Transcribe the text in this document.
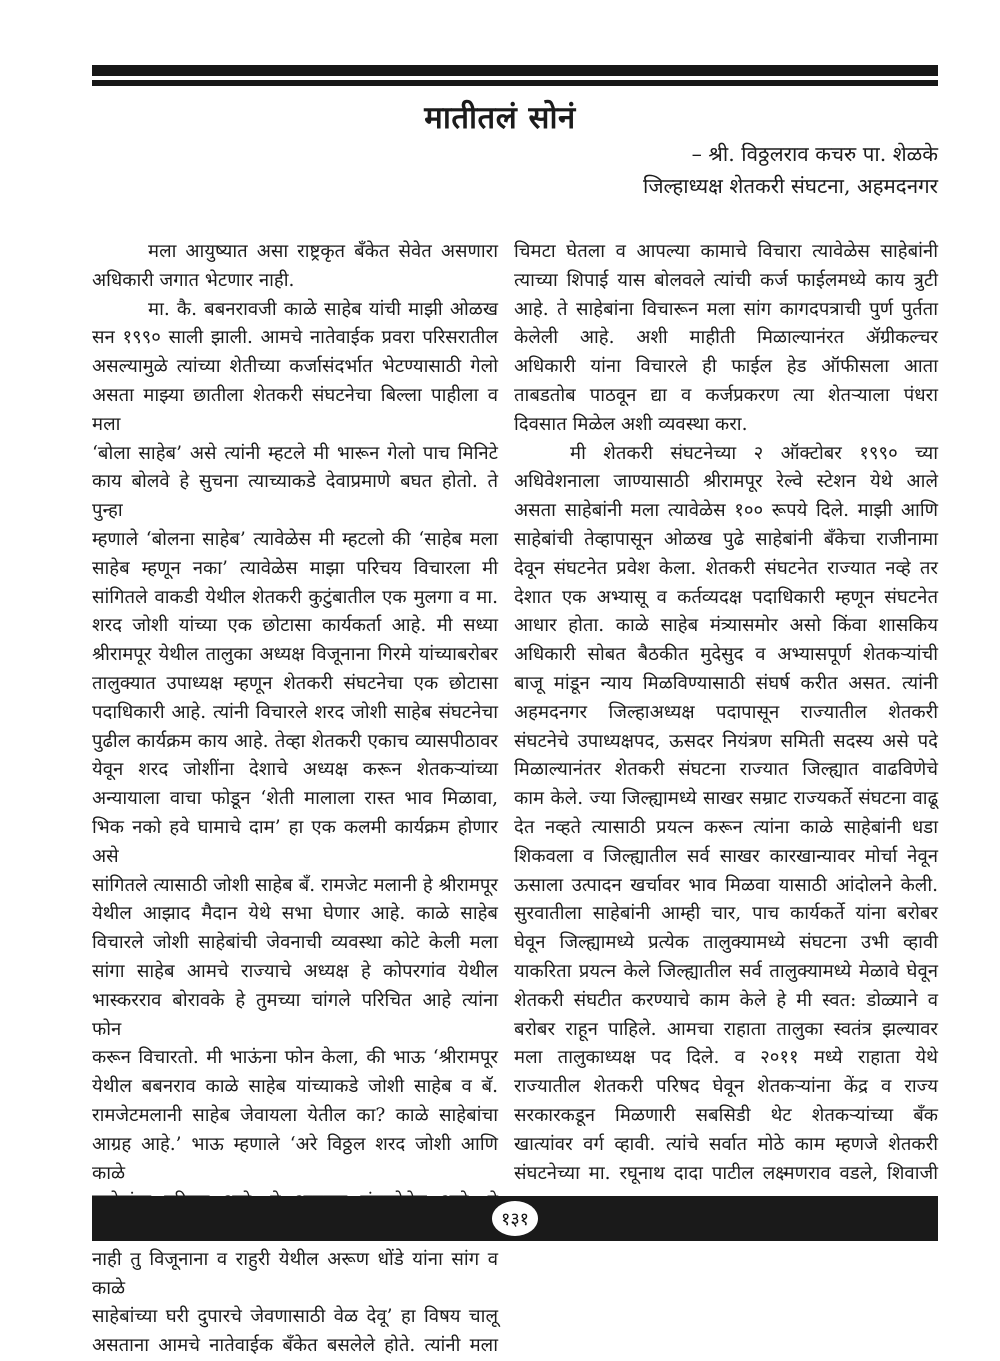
मातीतलं सोनं
– श्री. विठ्ठलराव कचरु पा. शेळके
जिल्हाध्यक्ष शेतकरी संघटना, अहमदनगर
मला आयुष्यात असा राष्ट्रकृत बँकेत सेवेत असणारा
अधिकारी जगात भेटणार नाही.
मा. कै. बबनरावजी काळे साहेब यांची माझी ओळख
सन १९९० साली झाली. आमचे नातेवाईक प्रवरा परिसरातील
असल्यामुळे त्यांच्या शेतीच्या कर्जासंदर्भात भेटण्यासाठी गेलो
असता माझ्या छातीला शेतकरी संघटनेचा बिल्ला पाहीला व मला
‘बोला साहेब’ असे त्यांनी म्हटले मी भारून गेलो पाच मिनिटे
काय बोलवे हे सुचना त्याच्याकडे देवाप्रमाणे बघत होतो. ते पुन्हा
म्हणाले ‘बोलना साहेब’ त्यावेळेस मी म्हटलो की ‘साहेब मला
साहेब म्हणून नका’ त्यावेळेस माझा परिचय विचारला मी
सांगितले वाकडी येथील शेतकरी कुटुंबातील एक मुलगा व मा.
शरद जोशी यांच्या एक छोटासा कार्यकर्ता आहे. मी सध्या
श्रीरामपूर येथील तालुका अध्यक्ष विजूनाना गिरमे यांच्याबरोबर
तालुक्यात उपाध्यक्ष म्हणून शेतकरी संघटनेचा एक छोटासा
पदाधिकारी आहे. त्यांनी विचारले शरद जोशी साहेब संघटनेचा
पुढील कार्यक्रम काय आहे. तेव्हा शेतकरी एकाच व्यासपीठावर
येवून शरद जोशींना देशाचे अध्यक्ष करून शेतकऱ्यांच्या
अन्यायाला वाचा फोडून ‘शेती मालाला रास्त भाव मिळावा,
भिक नको हवे घामाचे दाम’ हा एक कलमी कार्यक्रम होणार असे
सांगितले त्यासाठी जोशी साहेब बँ. रामजेट मलानी हे श्रीरामपूर
येथील आझाद मैदान येथे सभा घेणार आहे. काळे साहेब
विचारले जोशी साहेबांची जेवनाची व्यवस्था कोटे केली मला
सांगा साहेब आमचे राज्याचे अध्यक्ष हे कोपरगांव येथील
भास्करराव बोरावके हे तुमच्या चांगले परिचित आहे त्यांना फोन
करून विचारतो. मी भाऊंना फोन केला, की भाऊ ‘श्रीरामपूर
येथील बबनराव काळे साहेब यांच्याकडे जोशी साहेब व बॅ.
रामजेटमलानी साहेब जेवायला येतील का? काळे साहेबांचा
आग्रह आहे.’ भाऊ म्हणाले ‘अरे विठ्ठल शरद जोशी आणि काळे
नाही तु विजूनाना व राहुरी येथील अरूण धोंडे यांना सांग व काळे
साहेबांच्या घरी दुपारचे जेवणासाठी वेळ देवू’ हा विषय चालू
असताना आमचे नातेवाईक बँकेत बसलेले होते. त्यांनी मला
चिमटा घेतला व आपल्या कामाचे विचारा त्यावेळेस साहेबांनी
त्याच्या शिपाई यास बोलवले त्यांची कर्ज फाईलमध्ये काय त्रुटी
आहे. ते साहेबांना विचारून मला सांग कागदपत्राची पुर्ण पुर्तता
केलेली आहे. अशी माहीती मिळाल्यानंरत ॲग्रीकल्चर
अधिकारी यांना विचारले ही फाईल हेड ऑफीसला आता
ताबडतोब पाठवून द्या व कर्जप्रकरण त्या शेतऱ्याला पंधरा
दिवसात मिळेल अशी व्यवस्था करा.
मी शेतकरी संघटनेच्या २ ऑक्टोबर १९९० च्या
अधिवेशनाला जाण्यासाठी श्रीरामपूर रेल्वे स्टेशन येथे आले
असता साहेबांनी मला त्यावेळेस १०० रूपये दिले. माझी आणि
साहेबांची तेव्हापासून ओळख पुढे साहेबांनी बँकेचा राजीनामा
देवून संघटनेत प्रवेश केला. शेतकरी संघटनेत राज्यात नव्हे तर
देशात एक अभ्यासू व कर्तव्यदक्ष पदाधिकारी म्हणून संघटनेत
आधार होता. काळे साहेब मंत्र्यासमोर असो किंवा शासकिय
अधिकारी सोबत बैठकीत मुदेसुद व अभ्यासपूर्ण शेतकऱ्यांची
बाजू मांडून न्याय मिळविण्यासाठी संघर्ष करीत असत. त्यांनी
अहमदनगर जिल्हाअध्यक्ष पदापासून राज्यातील शेतकरी
संघटनेचे उपाध्यक्षपद, ऊसदर नियंत्रण समिती सदस्य असे पदे
मिळाल्यानंतर शेतकरी संघटना राज्यात जिल्ह्यात वाढविणेचे
काम केले. ज्या जिल्ह्यामध्ये साखर सम्राट राज्यकर्ते संघटना वाढू
देत नव्हते त्यासाठी प्रयत्न करून त्यांना काळे साहेबांनी धडा
शिकवला व जिल्ह्यातील सर्व साखर कारखान्यावर मोर्चा नेवून
ऊसाला उत्पादन खर्चावर भाव मिळवा यासाठी आंदोलने केली.
सुरवातीला साहेबांनी आम्ही चार, पाच कार्यकर्ते यांना बरोबर
घेवून जिल्ह्यामध्ये प्रत्येक तालुक्यामध्ये संघटना उभी व्हावी
याकरिता प्रयत्न केले जिल्ह्यातील सर्व तालुक्यामध्ये मेळावे घेवून
शेतकरी संघटीत करण्याचे काम केले हे मी स्वत: डोळ्याने व
बरोबर राहून पाहिले. आमचा राहाता तालुका स्वतंत्र झल्यावर
मला तालुकाध्यक्ष पद दिले. व २०११ मध्ये राहाता येथे
राज्यातील शेतकरी परिषद घेवून शेतकऱ्यांना केंद्र व राज्य
सरकारकडून मिळणारी सबसिडी थेट शेतकऱ्यांच्या बँक
खात्यांवर वर्ग व्हावी. त्यांचे सर्वात मोठे काम म्हणजे शेतकरी
संघटनेच्या मा. रघूनाथ दादा पाटील लक्ष्मणराव वडले, शिवाजी
१३१
